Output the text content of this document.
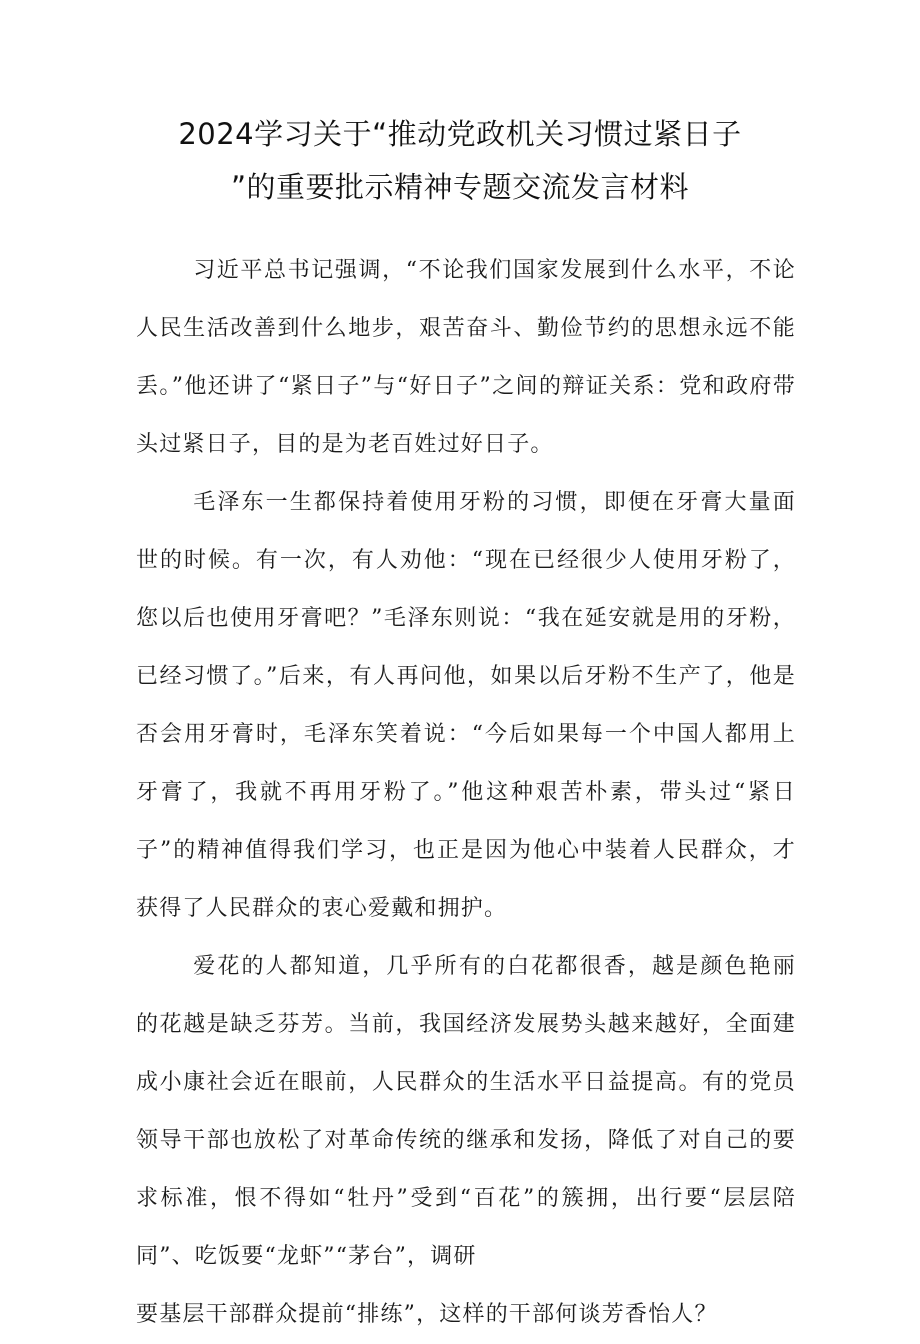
2024学习关于“推动党政机关习惯过紧日子
”的重要批示精神专题交流发言材料

习近平总书记强调，“不论我们国家发展到什么水平，不论人民生活改善到什么地步，艰苦奋斗、勤俭节约的思想永远不能丢。”他还讲了“紧日子”与“好日子”之间的辩证关系：党和政府带头过紧日子，目的是为老百姓过好日子。

毛泽东一生都保持着使用牙粉的习惯，即便在牙膏大量面世的时候。有一次，有人劝他：“现在已经很少人使用牙粉了，您以后也使用牙膏吧？”毛泽东则说：“我在延安就是用的牙粉，已经习惯了。”后来，有人再问他，如果以后牙粉不生产了，他是否会用牙膏时，毛泽东笑着说：“今后如果每一个中国人都用上牙膏了，我就不再用牙粉了。”他这种艰苦朴素，带头过“紧日子”的精神值得我们学习，也正是因为他心中装着人民群众，才获得了人民群众的衷心爱戴和拥护。

爱花的人都知道，几乎所有的白花都很香，越是颜色艳丽的花越是缺乏芬芳。当前，我国经济发展势头越来越好，全面建成小康社会近在眼前，人民群众的生活水平日益提高。有的党员领导干部也放松了对革命传统的继承和发扬，降低了对自己的要求标准，恨不得如“牡丹”受到“百花”的簇拥，出行要“层层陪同”、吃饭要“龙虾”“茅台”，调研

要基层干部群众提前“排练”，这样的干部何谈芳香怡人？
